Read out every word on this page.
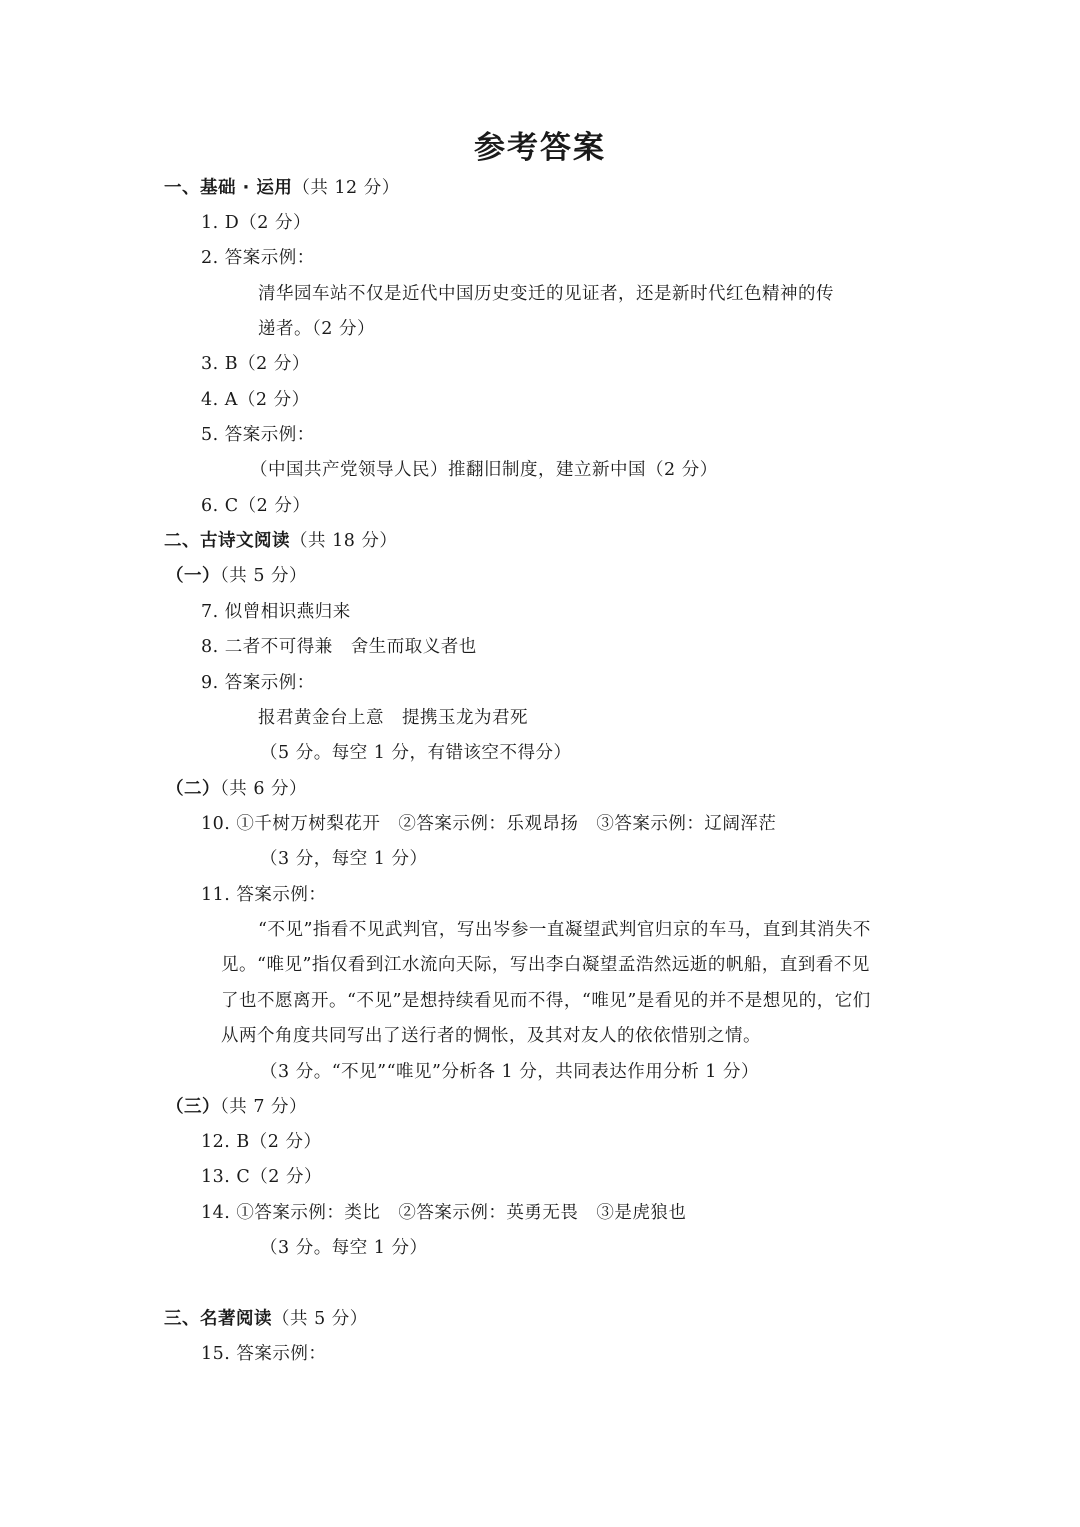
参考答案
一、基础 · 运用（共 12 分）
1. D（2 分）
2. 答案示例：
清华园车站不仅是近代中国历史变迁的见证者，还是新时代红色精神的传
递者。（2 分）
3. B（2 分）
4. A（2 分）
5. 答案示例：
（中国共产党领导人民）推翻旧制度，建立新中国（2 分）
6. C（2 分）
二、古诗文阅读（共 18 分）
（一）（共 5 分）
7. 似曾相识燕归来
8. 二者不可得兼 舍生而取义者也
9. 答案示例：
报君黄金台上意 提携玉龙为君死
（5 分。每空 1 分，有错该空不得分）
（二）（共 6 分）
10. ①千树万树梨花开 ②答案示例：乐观昂扬 ③答案示例：辽阔浑茫
（3 分，每空 1 分）
11. 答案示例：
“不见”指看不见武判官，写出岑参一直凝望武判官归京的车马，直到其消失不
见。“唯见”指仅看到江水流向天际，写出李白凝望孟浩然远逝的帆船，直到看不见
了也不愿离开。“不见”是想持续看见而不得，“唯见”是看见的并不是想见的，它们
从两个角度共同写出了送行者的惆怅，及其对友人的依依惜别之情。
（3 分。“不见”“唯见”分析各 1 分，共同表达作用分析 1 分）
（三）（共 7 分）
12. B（2 分）
13. C（2 分）
14. ①答案示例：类比 ②答案示例：英勇无畏 ③是虎狼也
（3 分。每空 1 分）
三、名著阅读（共 5 分）
15. 答案示例：
